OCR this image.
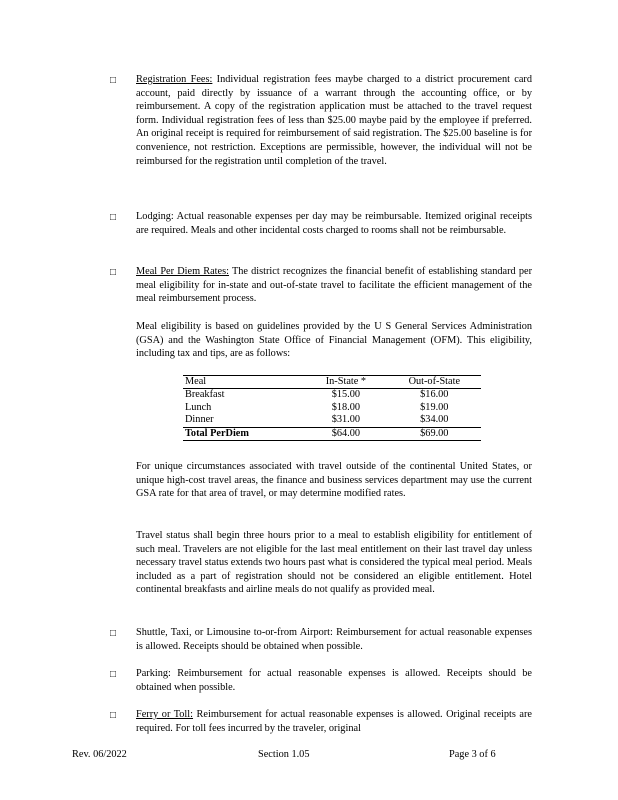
□ Registration Fees: Individual registration fees maybe charged to a district procurement card account, paid directly by issuance of a warrant through the accounting office, or by reimbursement. A copy of the registration application must be attached to the travel request form. Individual registration fees of less than $25.00 maybe paid by the employee if preferred. An original receipt is required for reimbursement of said registration. The $25.00 baseline is for convenience, not restriction. Exceptions are permissible, however, the individual will not be reimbursed for the registration until completion of the travel.

□ Lodging: Actual reasonable expenses per day may be reimbursable. Itemized original receipts are required. Meals and other incidental costs charged to rooms shall not be reimbursable.

□ Meal Per Diem Rates: The district recognizes the financial benefit of establishing standard per meal eligibility for in-state and out-of-state travel to facilitate the efficient management of the meal reimbursement process.

Meal eligibility is based on guidelines provided by the U S General Services Administration (GSA) and the Washington State Office of Financial Management (OFM). This eligibility, including tax and tips, are as follows:

Meal	In-State *	Out-of-State
Breakfast	$15.00	$16.00
Lunch	$18.00	$19.00
Dinner	$31.00	$34.00
Total PerDiem	$64.00	$69.00

For unique circumstances associated with travel outside of the continental United States, or unique high-cost travel areas, the finance and business services department may use the current GSA rate for that area of travel, or may determine modified rates.

Travel status shall begin three hours prior to a meal to establish eligibility for entitlement of such meal. Travelers are not eligible for the last meal entitlement on their last travel day unless necessary travel status extends two hours past what is considered the typical meal period. Meals included as a part of registration should not be considered an eligible entitlement. Hotel continental breakfasts and airline meals do not qualify as provided meal.

□ Shuttle, Taxi, or Limousine to-or-from Airport: Reimbursement for actual reasonable expenses is allowed. Receipts should be obtained when possible.

□ Parking: Reimbursement for actual reasonable expenses is allowed. Receipts should be obtained when possible.

□ Ferry or Toll: Reimbursement for actual reasonable expenses is allowed. Original receipts are required. For toll fees incurred by the traveler, original

Rev. 06/2022	Section 1.05	Page 3 of 6
